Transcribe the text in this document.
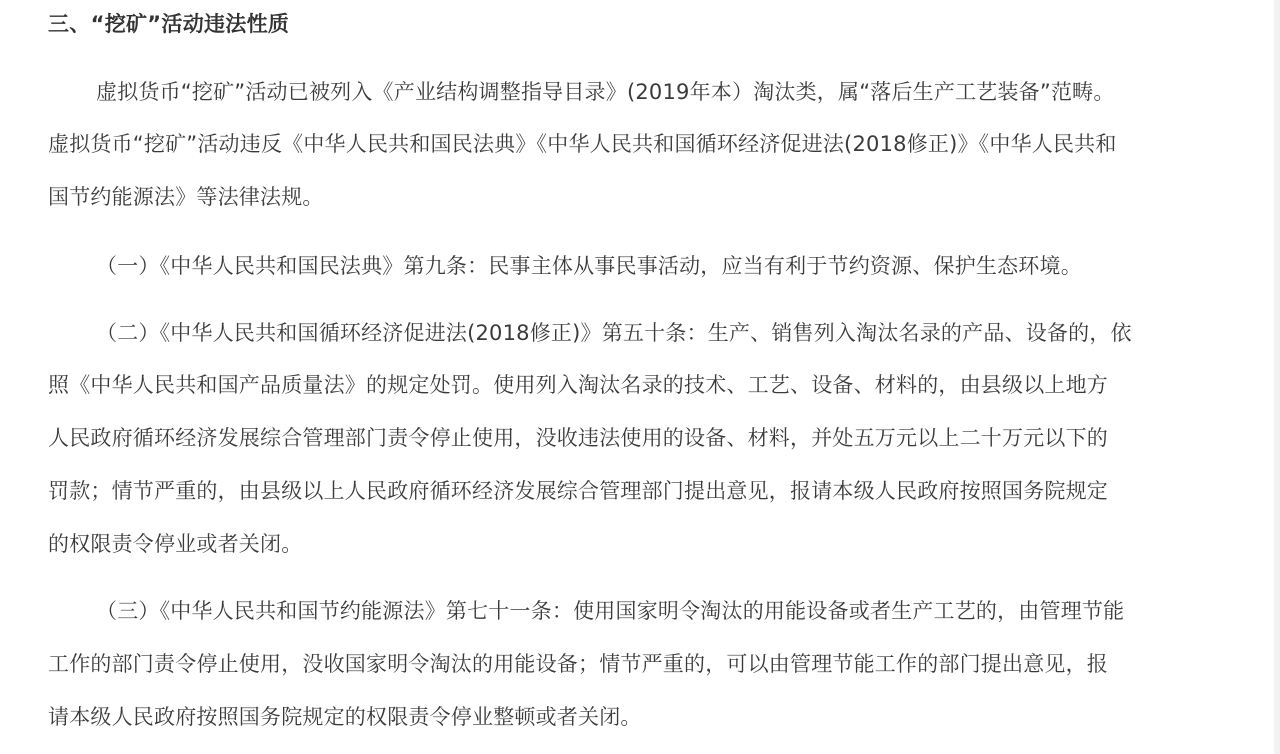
三、“挖矿”活动违法性质
虚拟货币“挖矿”活动已被列入《产业结构调整指导目录》(2019年本）淘汰类，属“落后生产工艺装备”范畴。
虚拟货币“挖矿”活动违反《中华人民共和国民法典》《中华人民共和国循环经济促进法(2018修正)》《中华人民共和
国节约能源法》等法律法规。
（一）《中华人民共和国民法典》第九条：民事主体从事民事活动，应当有利于节约资源、保护生态环境。
（二）《中华人民共和国循环经济促进法(2018修正)》第五十条：生产、销售列入淘汰名录的产品、设备的，依
照《中华人民共和国产品质量法》的规定处罚。使用列入淘汰名录的技术、工艺、设备、材料的，由县级以上地方
人民政府循环经济发展综合管理部门责令停止使用，没收违法使用的设备、材料，并处五万元以上二十万元以下的
罚款；情节严重的，由县级以上人民政府循环经济发展综合管理部门提出意见，报请本级人民政府按照国务院规定
的权限责令停业或者关闭。
（三）《中华人民共和国节约能源法》第七十一条：使用国家明令淘汰的用能设备或者生产工艺的，由管理节能
工作的部门责令停止使用，没收国家明令淘汰的用能设备；情节严重的，可以由管理节能工作的部门提出意见，报
请本级人民政府按照国务院规定的权限责令停业整顿或者关闭。
